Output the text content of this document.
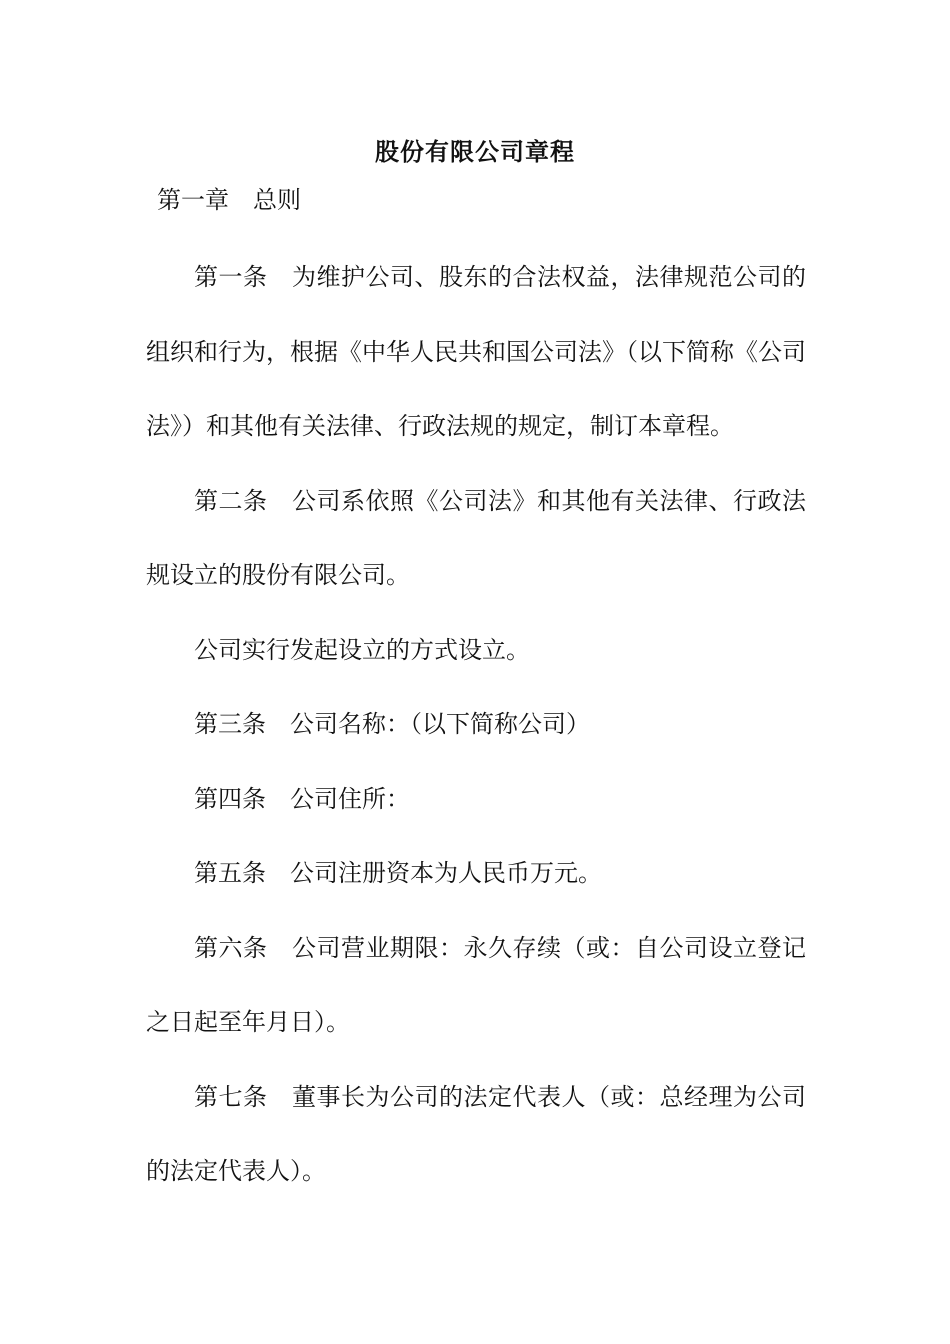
股份有限公司章程
第一章　总则

第一条　 为维护公司、股东的合法权益，法律规范公司的组织和行为，根据《中华人民共和国公司法》（以下简称《公司法》）和其他有关法律、行政法规的规定，制订本章程。

第二条　 公司系依照《公司法》和其他有关法律、行政法规设立的股份有限公司。

公司实行发起设立的方式设立。

第三条　 公司名称：（以下简称公司）

第四条　 公司住所：

第五条　 公司注册资本为人民币万元。

第六条　 公司营业期限：永久存续（或：自公司设立登记之日起至年月日）。

第七条　 董事长为公司的法定代表人（或：总经理为公司的法定代表人）。
